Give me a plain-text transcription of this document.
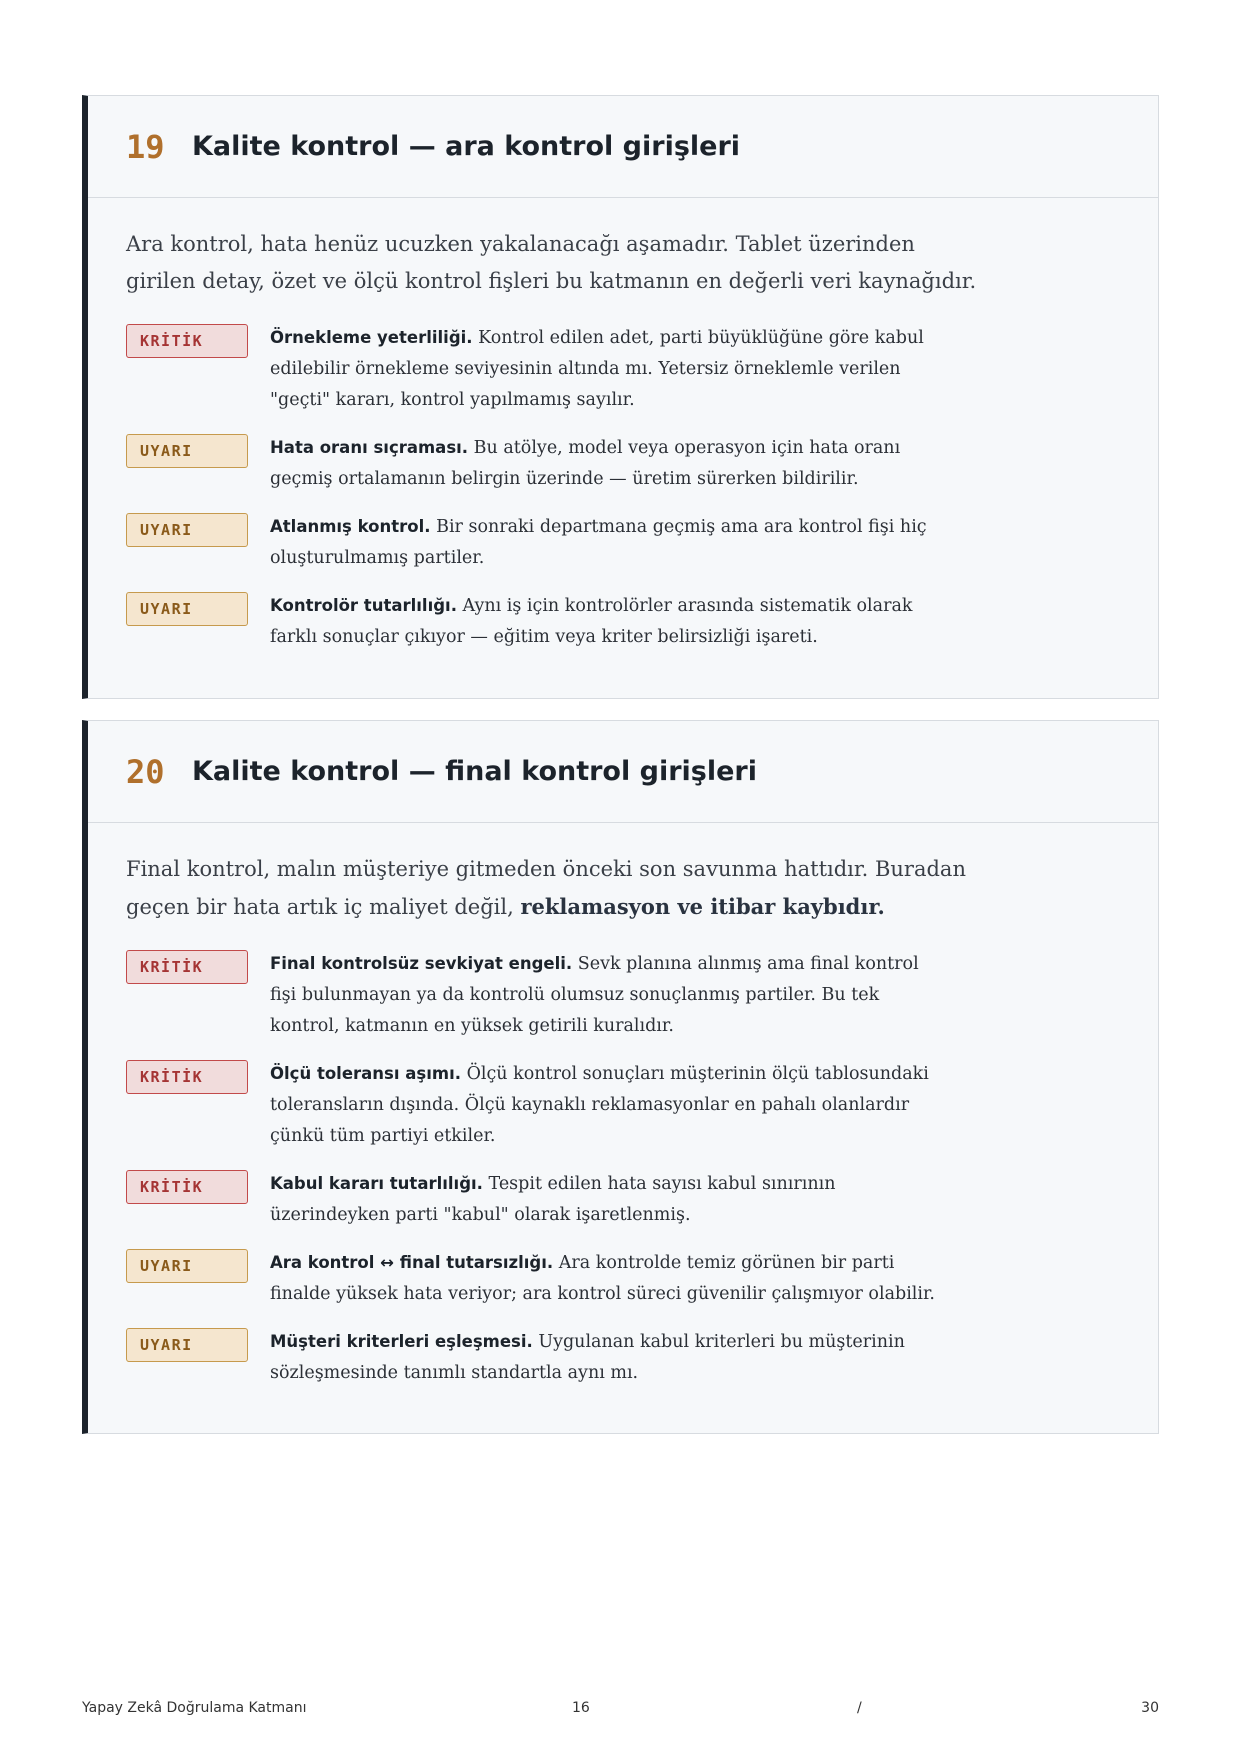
19	Kalite kontrol — ara kontrol girişleri

Ara kontrol, hata henüz ucuzken yakalanacağı aşamadır. Tablet üzerinden girilen detay, özet ve ölçü kontrol fişleri bu katmanın en değerli veri kaynağıdır.

KRİTİK	Örnekleme yeterliliği. Kontrol edilen adet, parti büyüklüğüne göre kabul edilebilir örnekleme seviyesinin altında mı. Yetersiz örneklemle verilen "geçti" kararı, kontrol yapılmamış sayılır.
UYARI	Hata oranı sıçraması. Bu atölye, model veya operasyon için hata oranı geçmiş ortalamanın belirgin üzerinde — üretim sürerken bildirilir.
UYARI	Atlanmış kontrol. Bir sonraki departmana geçmiş ama ara kontrol fişi hiç oluşturulmamış partiler.
UYARI	Kontrolör tutarlılığı. Aynı iş için kontrolörler arasında sistematik olarak farklı sonuçlar çıkıyor — eğitim veya kriter belirsizliği işareti.
20	Kalite kontrol — final kontrol girişleri

Final kontrol, malın müşteriye gitmeden önceki son savunma hattıdır. Buradan geçen bir hata artık iç maliyet değil, reklamasyon ve itibar kaybıdır.

KRİTİK	Final kontrolsüz sevkiyat engeli. Sevk planına alınmış ama final kontrol fişi bulunmayan ya da kontrolü olumsuz sonuçlanmış partiler. Bu tek kontrol, katmanın en yüksek getirili kuralıdır.
KRİTİK	Ölçü toleransı aşımı. Ölçü kontrol sonuçları müşterinin ölçü tablosundaki toleransların dışında. Ölçü kaynaklı reklamasyonlar en pahalı olanlardır çünkü tüm partiyi etkiler.
KRİTİK	Kabul kararı tutarlılığı. Tespit edilen hata sayısı kabul sınırının üzerindeyken parti "kabul" olarak işaretlenmiş.
UYARI	Ara kontrol ↔ final tutarsızlığı. Ara kontrolde temiz görünen bir parti finalde yüksek hata veriyor; ara kontrol süreci güvenilir çalışmıyor olabilir.
UYARI	Müşteri kriterleri eşleşmesi. Uygulanan kabul kriterleri bu müşterinin sözleşmesinde tanımlı standartla aynı mı.
Yapay Zekâ Doğrulama Katmanı	16	/	30
